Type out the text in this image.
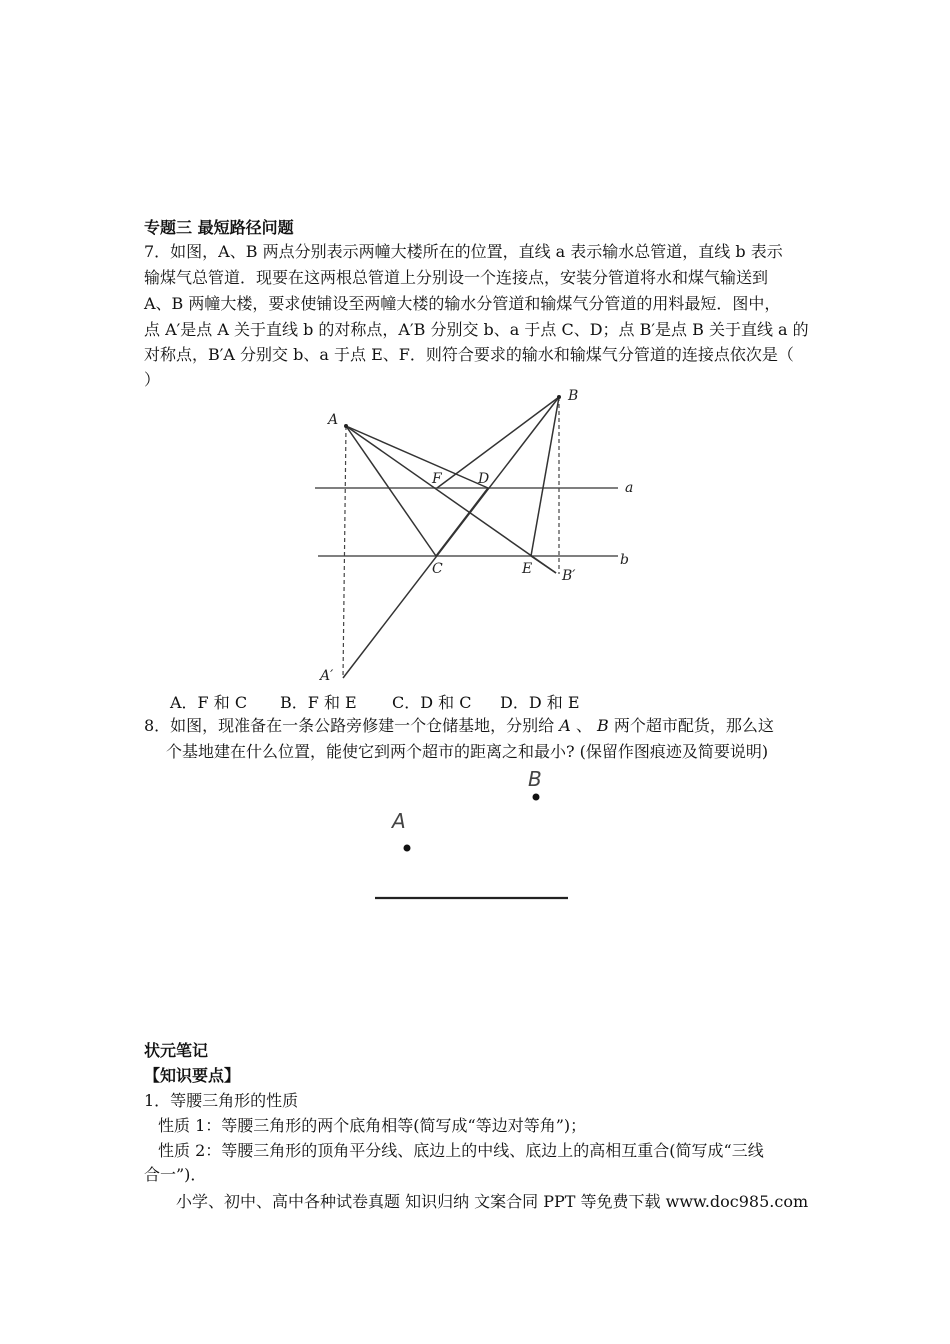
专题三 最短路径问题
7．如图，A、B 两点分别表示两幢大楼所在的位置，直线 a 表示输水总管道，直线 b 表示
输煤气总管道．现要在这两根总管道上分别设一个连接点，安装分管道将水和煤气输送到
A、B 两幢大楼，要求使铺设至两幢大楼的输水分管道和输煤气分管道的用料最短．图中，
点 A′是点 A 关于直线 b 的对称点，A′B 分别交 b、a 于点 C、D；点 B′是点 B 关于直线 a 的
对称点，B′A 分别交 b、a 于点 E、F．则符合要求的输水和输煤气分管道的连接点依次是（
）
A
B
F	D
a
b
C	E B′
A′
A．F 和 C B．F 和 E C．D 和 C D．D 和 E
8．如图，现准备在一条公路旁修建一个仓储基地，分别给 A 、 B 两个超市配货，那么这
个基地建在什么位置，能使它到两个超市的距离之和最小? (保留作图痕迹及简要说明)
B
A
状元笔记
【知识要点】
1．等腰三角形的性质
性质 1：等腰三角形的两个底角相等(简写成“等边对等角”)；
性质 2：等腰三角形的顶角平分线、底边上的中线、底边上的高相互重合(简写成“三线
合一”)．
小学、初中、高中各种试卷真题 知识归纳 文案合同 PPT 等免费下载 www.doc985.com
